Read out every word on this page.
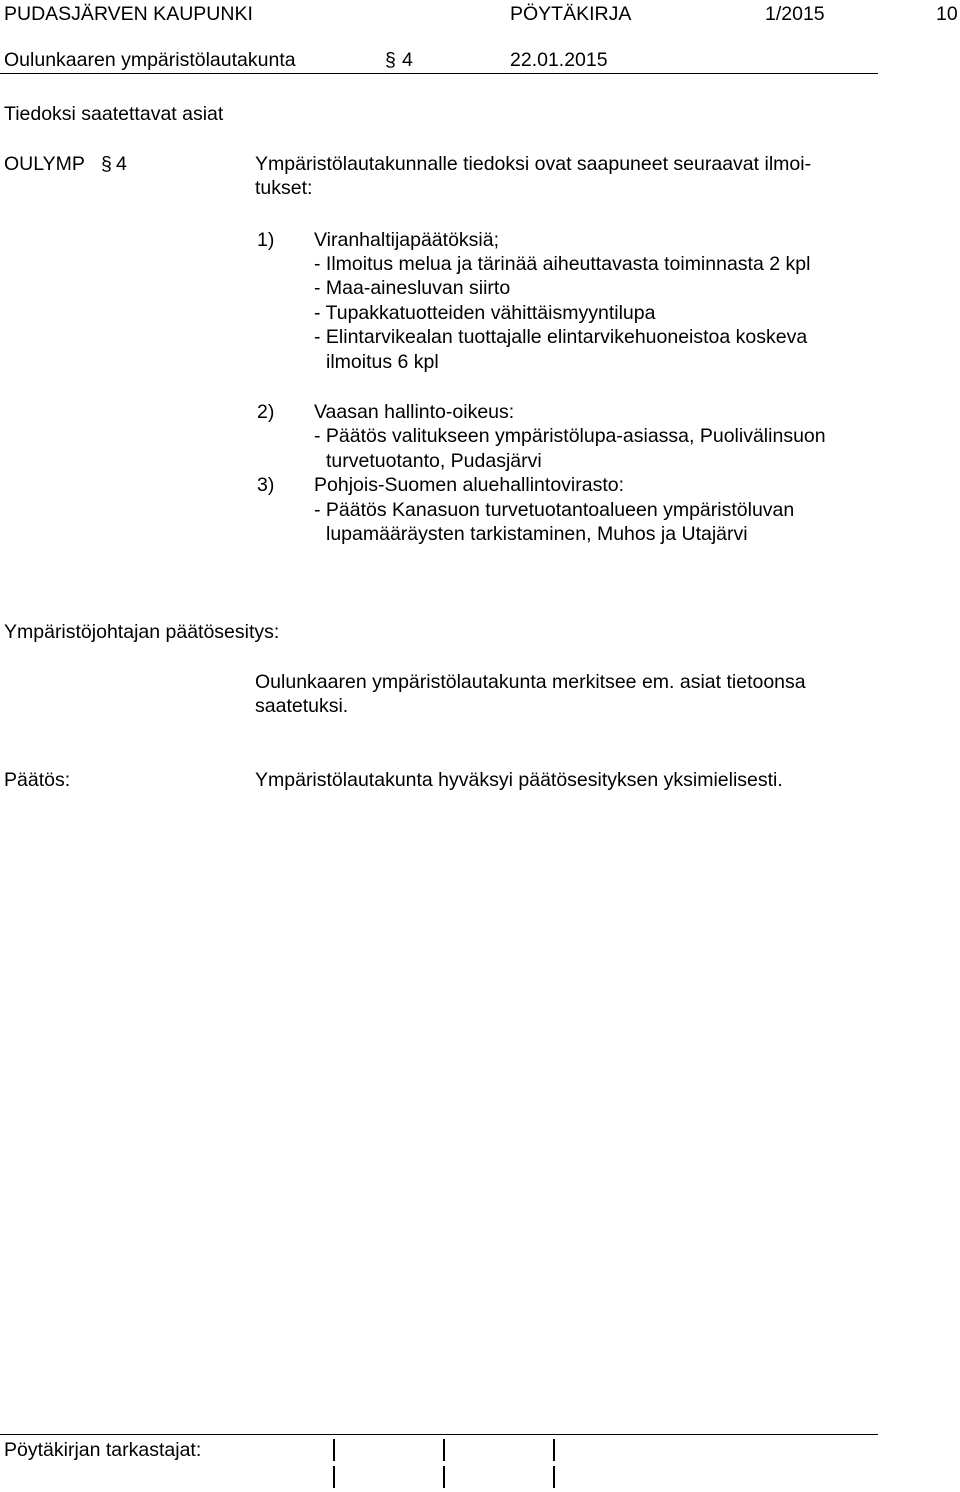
PUDASJÄRVEN KAUPUNKI	PÖYTÄKIRJA	1/2015	10
Oulunkaaren ympäristölautakunta	§ 4	22.01.2015
Tiedoksi saatettavat asiat
OULYMP § 4	Ympäristölautakunnalle tiedoksi ovat saapuneet seuraavat ilmoi-
tukset:
1) Viranhaltijapäätöksiä;
- Ilmoitus melua ja tärinää aiheuttavasta toiminnasta 2 kpl
- Maa-ainesluvan siirto
- Tupakkatuotteiden vähittäismyyntilupa
- Elintarvikealan tuottajalle elintarvikehuoneistoa koskeva
ilmoitus 6 kpl
2) Vaasan hallinto-oikeus:
- Päätös valitukseen ympäristölupa-asiassa, Puolivälinsuon
turvetuotanto, Pudasjärvi
3) Pohjois-Suomen aluehallintovirasto:
- Päätös Kanasuon turvetuotantoalueen ympäristöluvan
lupamääräysten tarkistaminen, Muhos ja Utajärvi
Ympäristöjohtajan päätösesitys:
Oulunkaaren ympäristölautakunta merkitsee em. asiat tietoonsa
saatetuksi.
Päätös:	Ympäristölautakunta hyväksyi päätösesityksen yksimielisesti.
Pöytäkirjan tarkastajat:
